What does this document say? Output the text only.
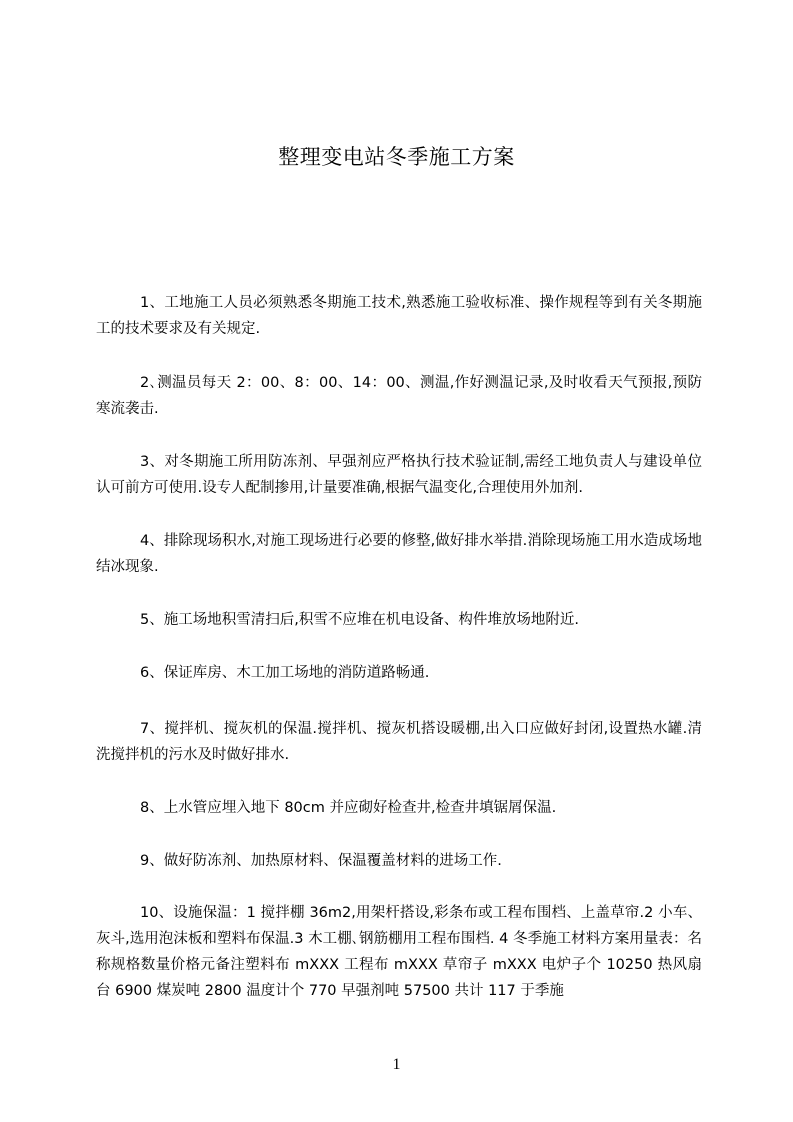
整理变电站冬季施工方案

1、工地施工人员必须熟悉冬期施工技术,熟悉施工验收标准、操作规程等到有关冬期施工的技术要求及有关规定.

2､测温员每天 2：00、8：00、14：00、测温,作好测温记录,及时收看天气预报,预防寒流袭击.

3、对冬期施工所用防冻剂、早强剂应严格执行技术验证制,需经工地负责人与建设单位认可前方可使用.设专人配制掺用,计量要准确,根据气温变化,合理使用外加剂.

4、排除现场积水,对施工现场进行必要的修整,做好排水举措.消除现场施工用水造成场地结冰现象.

5、施工场地积雪清扫后,积雪不应堆在机电设备、构件堆放场地附近.

6、保证库房、木工加工场地的消防道路畅通.

7、搅拌机、搅灰机的保温.搅拌机、搅灰机搭设暖棚,出入口应做好封闭,设置热水罐.清洗搅拌机的污水及时做好排水.

8、上水管应埋入地下 80cm 并应砌好检查井,检查井填锯屑保温.

9、做好防冻剂、加热原材料、保温覆盖材料的进场工作.

10、设施保温：1 搅拌棚 36m2,用架杆搭设,彩条布或工程布围档、上盖草帘.2 小车、灰斗,选用泡沫板和塑料布保温.3 木工棚､钢筋棚用工程布围档. 4 冬季施工材料方案用量表：名称规格数量价格元备注塑料布 mXXX 工程布 mXXX 草帘子 mXXX 电炉子个 10250 热风扇台 6900 煤炭吨 2800 温度计个 770 早强剂吨 57500 共计 117 于季施

1
